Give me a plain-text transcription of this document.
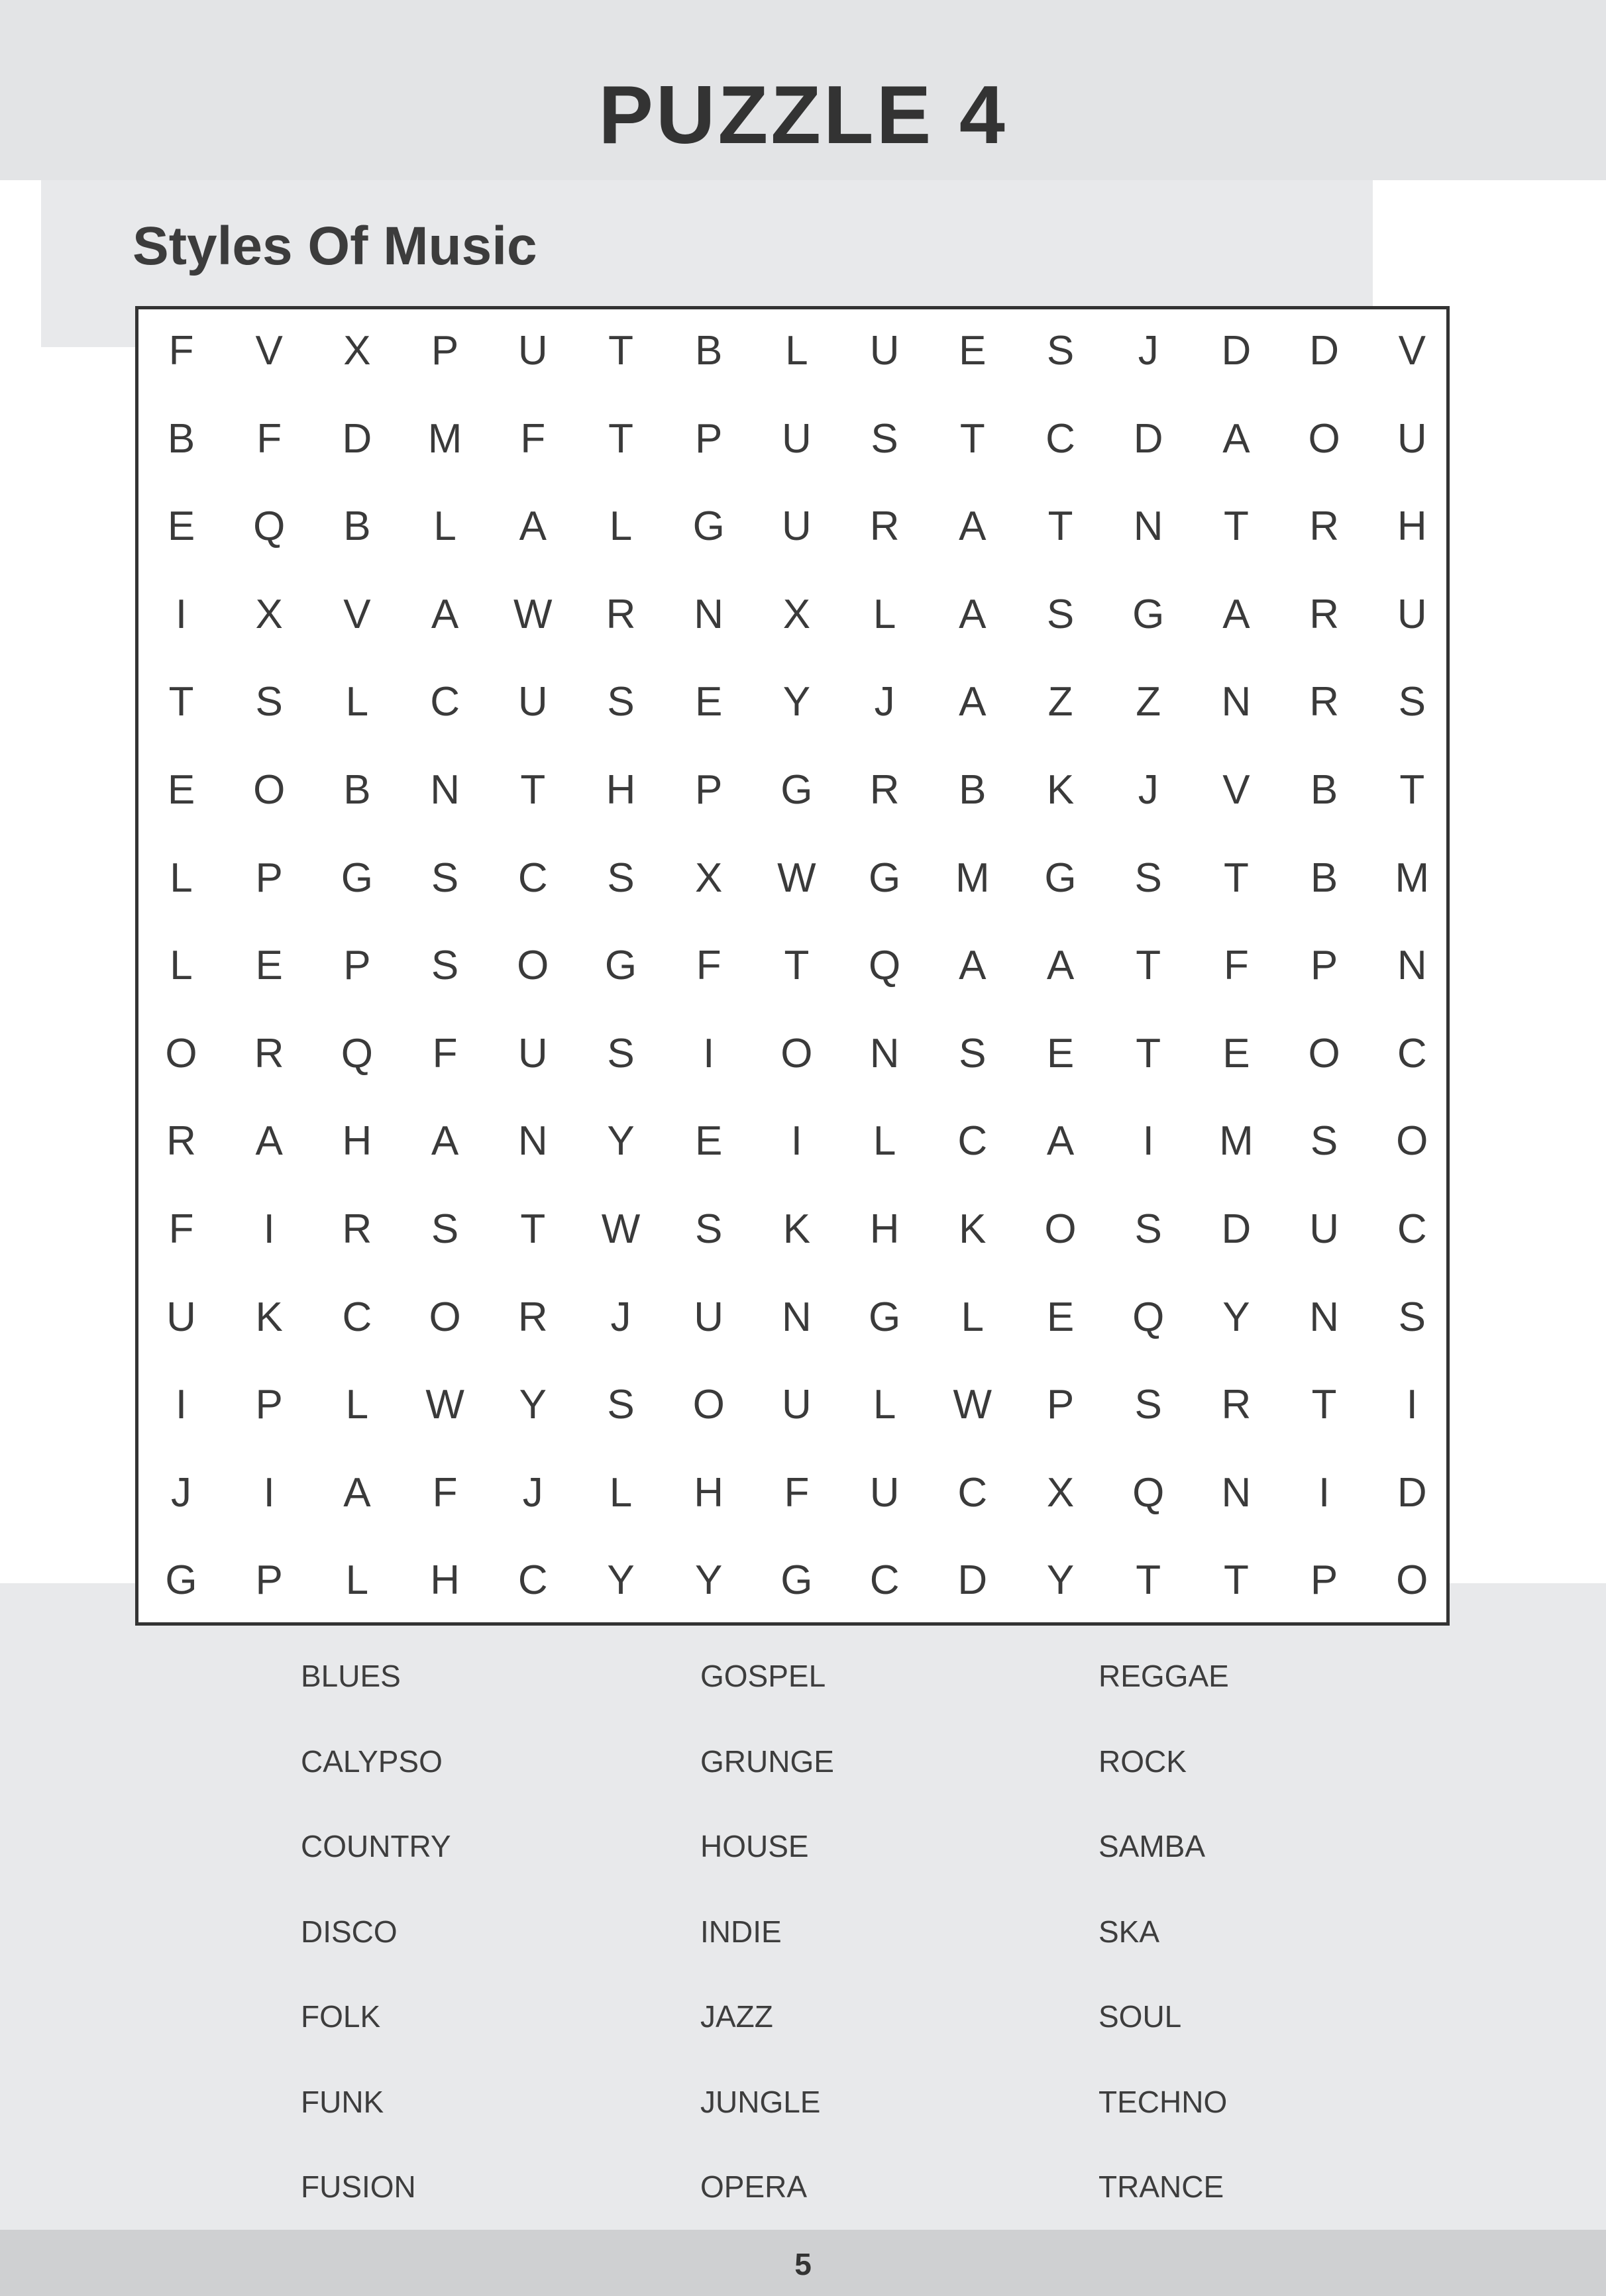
PUZZLE 4
Styles Of Music
F	V	X	P	U	T	B	L	U	E	S	J	D	D	V
B	F	D	M	F	T	P	U	S	T	C	D	A	O	U
E	Q	B	L	A	L	G	U	R	A	T	N	T	R	H
I	X	V	A	W	R	N	X	L	A	S	G	A	R	U
T	S	L	C	U	S	E	Y	J	A	Z	Z	N	R	S
E	O	B	N	T	H	P	G	R	B	K	J	V	B	T
L	P	G	S	C	S	X	W	G	M	G	S	T	B	M
L	E	P	S	O	G	F	T	Q	A	A	T	F	P	N
O	R	Q	F	U	S	I	O	N	S	E	T	E	O	C
R	A	H	A	N	Y	E	I	L	C	A	I	M	S	O
F	I	R	S	T	W	S	K	H	K	O	S	D	U	C
U	K	C	O	R	J	U	N	G	L	E	Q	Y	N	S
I	P	L	W	Y	S	O	U	L	W	P	S	R	T	I
J	I	A	F	J	L	H	F	U	C	X	Q	N	I	D
G	P	L	H	C	Y	Y	G	C	D	Y	T	T	P	O
BLUES
CALYPSO
COUNTRY
DISCO
FOLK
FUNK
FUSION
GOSPEL
GRUNGE
HOUSE
INDIE
JAZZ
JUNGLE
OPERA
REGGAE
ROCK
SAMBA
SKA
SOUL
TECHNO
TRANCE
5
